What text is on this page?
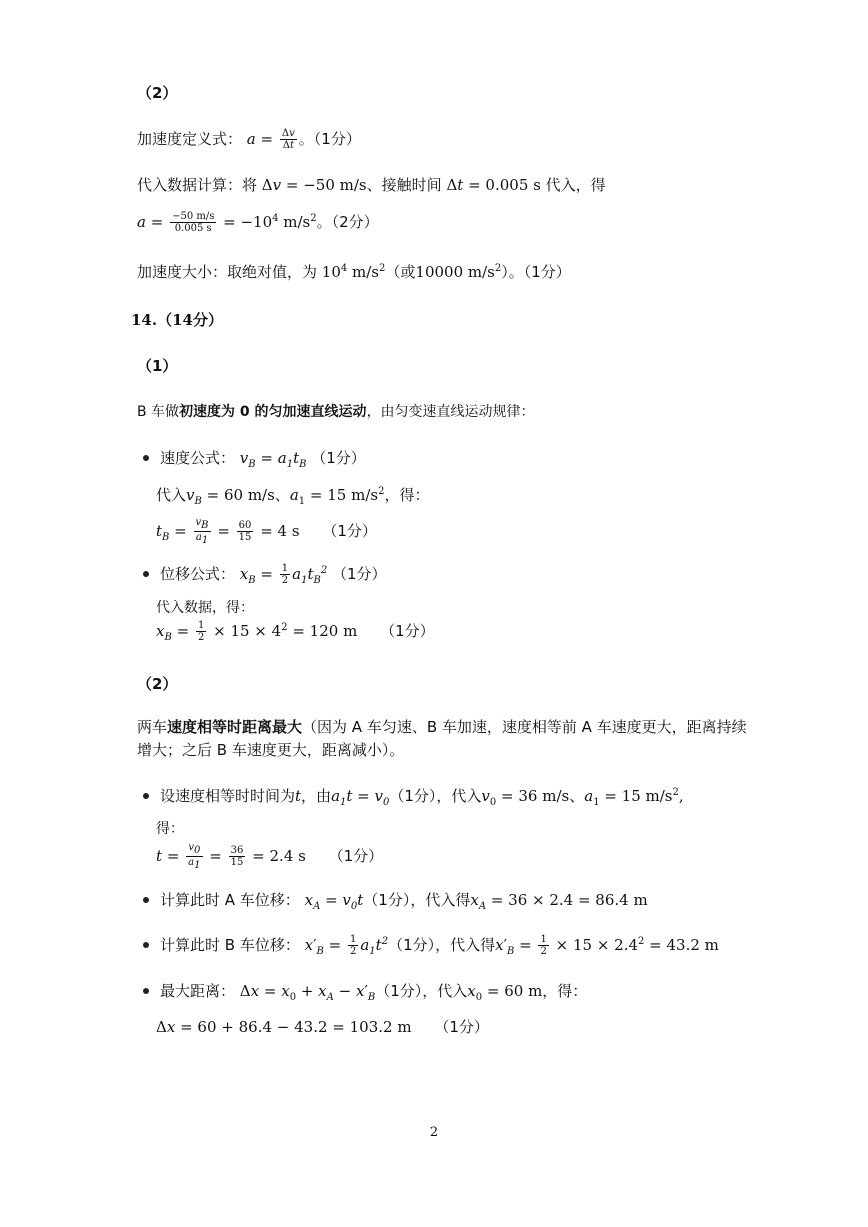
（2）
加速度定义式： $a = \frac{\Delta v}{\Delta t}$ 。（1分）
代入数据计算：将 Δv = −50 m/s、接触时间 Δt = 0.005 s 代入，得
$a = \frac{-50 m/s}{0.005 s} = -10^4$ $m/s^2$。（2分）
加速度大小：取绝对值，为 $10^4$ $m/s^2$（或10000 $m/s^2$）。（1分）
14.（14分）
（1）
B 车做初速度为 0 的匀加速直线运动，由匀变速直线运动规律：
速度公式： $v_B = a_1t_B$ （1分）
代入$v_B = 60$ m/s、$a_1 = 15$ $m/s^2$，得：
$t_B = \frac{v_B}{a_1} = \frac{60}{15} = 4$ s （1分）
位移公式： $x_B = \frac{1}{2} a_1t_B^2$ （1分）
代入数据，得：
$x_B = \frac{1}{2} \times 15 \times 4^2 = 120$ m （1分）
（2）
两车速度相等时距离最大（因为 A 车匀速、B 车加速，速度相等前 A 车速度更大，距离持续
增大；之后 B 车速度更大，距离减小）。
设速度相等时时间为t，由$a_1t = v_0(1$分），代入$v_0 = 36$ m/s、$a_1 = 15$ $m/s^2$,
得：
$t = \frac{v_0}{a_1} = \frac{36}{15} = 2.4$ s （1分）
计算此时 A 车位移： $x_A = v_0t(1$分），代入得$x_A = 36 \times 2.4 = 86.4$ m
计算此时 B 车位移： $x'_B = \frac{1}{2} a_1t^2(1$分），代入得$x'_B = \frac{1}{2} \times 15 \times 2.4^2 = 43.2$ m
最大距离： $\Delta x = x_0 + x_A - x'_B(1$分），代入$x_0 = 60$ m，得：
Δx = 60 + 86.4 − 43.2 = 103.2 m （1分）
2
